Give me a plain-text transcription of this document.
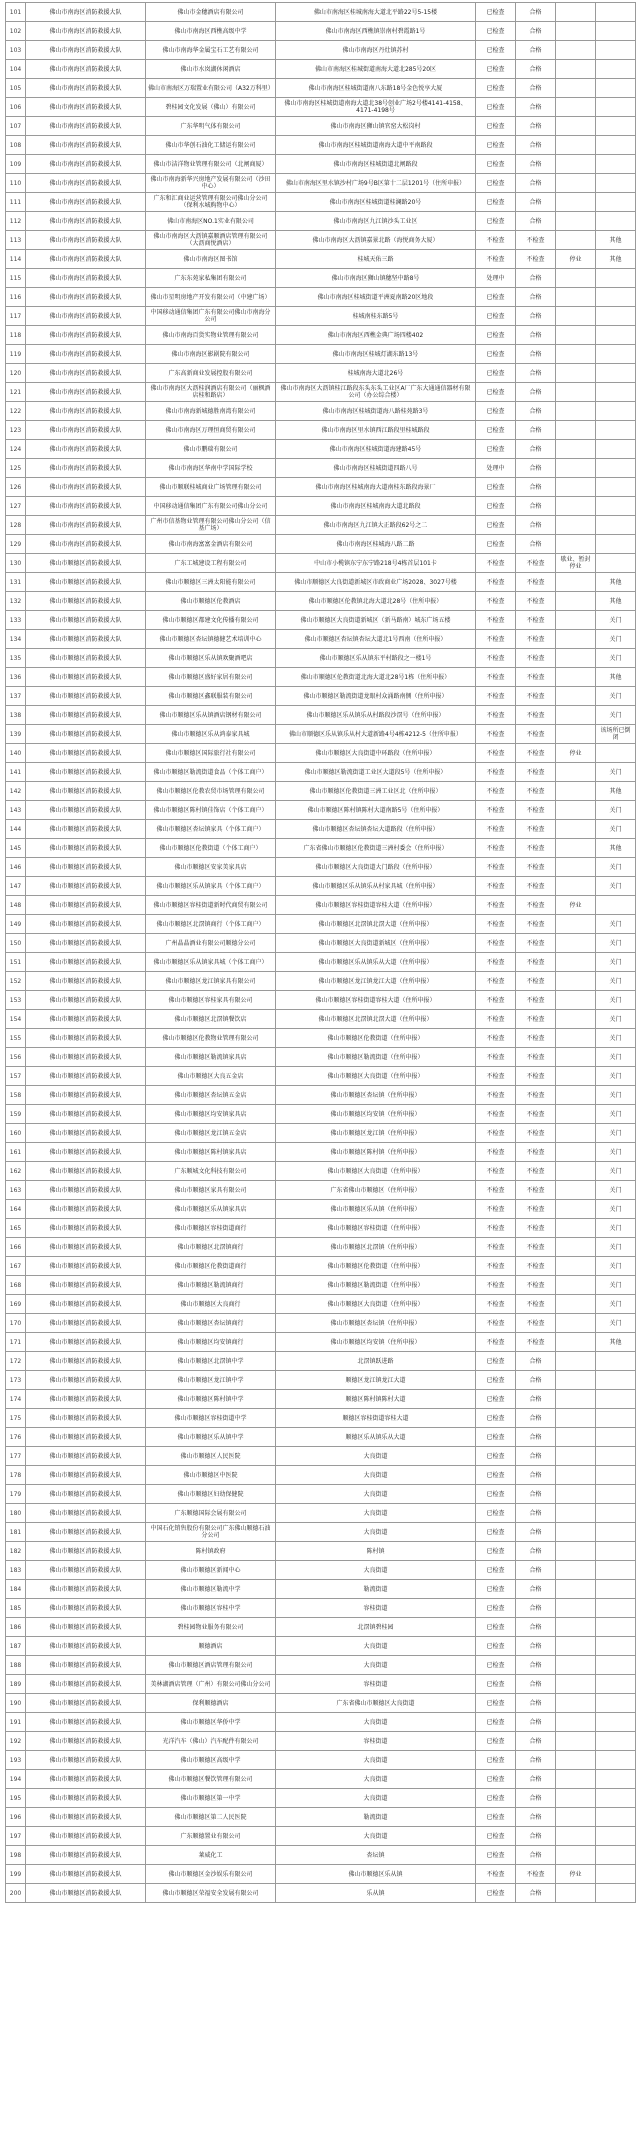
101	佛山市南海区消防救援大队	佛山市金穗酒店有限公司	佛山市南海区桂城南海大道北平路22号5-15楼	已检查	合格		
102	佛山市南海区消防救援大队	佛山市南海区西樵高级中学	佛山市南海区西樵镇崇南村碧霞路1号	已检查	合格		
103	佛山市南海区消防救援大队	佛山市南海华金属宝石工艺有限公司	佛山市南海区丹灶镇苏村	已检查	合格		
104	佛山市南海区消防救援大队	佛山市水岚湖休闲酒店	佛山市南海区桂城街道南海大道北285号20区	已检查	合格		
105	佛山市南海区消防救援大队	佛山市南海区万瑞置业有限公司（A32万科里）	佛山市南海区桂城街道南八东路18号金色悦享大厦	已检查	合格		
106	佛山市南海区消防救援大队	碧桂园文化发展（佛山）有限公司	佛山市南海区桂城街道南海大道北38号创业广场2号楼4141-4158、4171-4198号	已检查	合格		
107	佛山市南海区消防救援大队	广东华明气体有限公司	佛山市南海区狮山镇官窑大松岗村	已检查	合格		
108	佛山市南海区消防救援大队	佛山市华创石油化工储运有限公司	佛山市南海区桂城街道南海大道中平南路段	已检查	合格		
109	佛山市南海区消防救援大队	佛山市洁洋物业管理有限公司（北闸商厦）	佛山市南海区桂城街道北闸路段	已检查	合格		
110	佛山市南海区消防救援大队	佛山市南海新华兴房地产发展有限公司（沙田中心）	佛山市南海区里水镇沙村广场9号B区第十二层1201号（住所申报）	已检查	合格		
111	佛山市南海区消防救援大队	广东和汇商业运营管理有限公司佛山分公司（保利水城购物中心）	佛山市南海区桂城街道桂澜路20号	已检查	合格		
112	佛山市南海区消防救援大队	佛山市南海区NO.1实业有限公司	佛山市南海区九江镇沙头工业区	已检查	合格		
113	佛山市南海区消防救援大队	佛山市南海区大沥镇嘉顺酒店管理有限公司（大沥商悦酒店）	佛山市南海区大沥镇嘉景北路（海悦商务大厦）	不检查	不检查		其他
114	佛山市南海区消防救援大队	佛山市南海区图书馆	桂城天佑三路	不检查	不检查	停业	其他
115	佛山市南海区消防救援大队	广东东苑家私集团有限公司	佛山市南海区狮山镇穗坚中路8号	处理中	合格		
116	佛山市南海区消防救援大队	佛山市星明房地产开发有限公司（中建广场）	佛山市南海区桂城街道平洲夏南路20区地段	已检查	合格		
117	佛山市南海区消防救援大队	中国移动通信集团广东有限公司佛山市南海分公司	桂城南桂东路5号	已检查	合格		
118	佛山市南海区消防救援大队	佛山市南海百货实物业管理有限公司	佛山市南海区西樵金典广场四楼402	已检查	合格		
119	佛山市南海区消防救援大队	佛山市南海区影剧院有限公司	佛山市南海区桂城灯湖东路13号	已检查	合格		
120	佛山市南海区消防救援大队	广东高新商业发展控股有限公司	桂城南海大道北26号	已检查	合格		
121	佛山市南海区消防救援大队	佛山市南海区大沥桂润酒店有限公司（丽枫酒店桂和路店）	佛山市南海区大沥镇桂江路段东头东头工业区A厂广东大通通信器材有限公司（办公综合楼）	已检查	合格		
122	佛山市南海区消防救援大队	佛山市南海新城德胜南湾有限公司	佛山市南海区桂城街道海八路桂苑路3号	已检查	合格		
123	佛山市南海区消防救援大队	佛山市南海区万理恒商贸有限公司	佛山市南海区里水镇西江路段里桂城路段	已检查	合格		
124	佛山市南海区消防救援大队	佛山市鹏瑞有限公司	佛山市南海区桂城街道海建路45号	已检查	合格		
125	佛山市南海区消防救援大队	佛山市南海区华南中学国际学校	佛山市南海区桂城街道四路八号	处理中	合格		
126	佛山市南海区消防救援大队	佛山市顺联桂城商业广场管理有限公司	佛山市南海区桂城南海大道南桂东路段海景厂	已检查	合格		
127	佛山市南海区消防救援大队	中国移动通信集团广东有限公司佛山分公司	佛山市南海区桂城南海大道北路段	已检查	合格		
128	佛山市南海区消防救援大队	广州市信基物业管理有限公司佛山分公司（信基广场）	佛山市南海区九江镇大正路段62号之二	已检查	合格		
129	佛山市南海区消防救援大队	佛山市南海富富金酒店有限公司	佛山市南海区桂城海八路二路	已检查	合格		
130	佛山市顺德区消防救援大队	广东工城建设工程有限公司	中山市小榄镇东宁东宁路218号4栋首层101卡	不检查	不检查	歇业、暂封停业	
131	佛山市顺德区消防救援大队	佛山市顺德区三洲太阳能有限公司	佛山市顺德区大良街道新城区市政商业广场2028、3027号楼	不检查	不检查		其他
132	佛山市顺德区消防救援大队	佛山市顺德区伦教酒店	佛山市顺德区伦教镇北海大道北28号（住所申报）	不检查	不检查		其他
133	佛山市顺德区消防救援大队	佛山市顺德区都建文化传播有限公司	佛山市顺德区大良街道新城区（新马路南）城东广场五楼	不检查	不检查		关门
134	佛山市顺德区消防救援大队	佛山市顺德区杏坛镇德健艺术培训中心	佛山市顺德区杏坛镇杏坛大道北1号西南（住所申报）	不检查	不检查		关门
135	佛山市顺德区消防救援大队	佛山市顺德区乐从镇欢聚酒吧店	佛山市顺德区乐从镇东平村路段之一楼1号	不检查	不检查		关门
136	佛山市顺德区消防救援大队	佛山市顺德区盛好家居有限公司	佛山市顺德区伦教街道北海大道北28号1栋（住所申报）	不检查	不检查		其他
137	佛山市顺德区消防救援大队	佛山市顺德区鑫联服装有限公司	佛山市顺德区勒流街道龙眼村众涌路南侧（住所申报）	不检查	不检查		关门
138	佛山市顺德区消防救援大队	佛山市顺德区乐从镇酒店钢材有限公司	佛山市顺德区乐从镇乐从村路段沙滘号（住所申报）	不检查	不检查		关门
139	佛山市顺德区消防救援大队	佛山市顺德区乐从鸿泰家具城	佛山市顺德区乐从镇乐从村大道新路4号4栋4212-5（住所申报）	不检查	不检查		该场所已倒闭
140	佛山市顺德区消防救援大队	佛山市顺德区国际旅行社有限公司	佛山市顺德区大良街道中环路段（住所申报）	不检查	不检查	停业	
141	佛山市顺德区消防救援大队	佛山市顺德区勒流街道食品（个体工商户）	佛山市顺德区勒流街道工业区大道段5号（住所申报）	不检查	不检查		关门
142	佛山市顺德区消防救援大队	佛山市顺德区伦教农贸市场管理有限公司	佛山市顺德区伦教街道三洲工业区北（住所申报）	不检查	不检查		其他
143	佛山市顺德区消防救援大队	佛山市顺德区陈村镇佳饰店（个体工商户）	佛山市顺德区陈村镇陈村大道南路5号（住所申报）	不检查	不检查		关门
144	佛山市顺德区消防救援大队	佛山市顺德区杏坛镇家具（个体工商户）	佛山市顺德区杏坛镇杏坛大道路段（住所申报）	不检查	不检查		关门
145	佛山市顺德区消防救援大队	佛山市顺德区伦教街道（个体工商户）	广东省佛山市顺德区伦教街道三洲村委会（住所申报）	不检查	不检查		其他
146	佛山市顺德区消防救援大队	佛山市顺德区安家美家具店	佛山市顺德区大良街道大门路段（住所申报）	不检查	不检查		关门
147	佛山市顺德区消防救援大队	佛山市顺德区乐从镇家具（个体工商户）	佛山市顺德区乐从镇乐从村家具城（住所申报）	不检查	不检查		关门
148	佛山市顺德区消防救援大队	佛山市顺德区容桂街道新时代商贸有限公司	佛山市顺德区容桂街道容桂大道（住所申报）	不检查	不检查	停业	
149	佛山市顺德区消防救援大队	佛山市顺德区北滘镇商行（个体工商户）	佛山市顺德区北滘镇北滘大道（住所申报）	不检查	不检查		关门
150	佛山市顺德区消防救援大队	广州晶晶酒业有限公司顺德分公司	佛山市顺德区大良街道新城区（住所申报）	不检查	不检查		关门
151	佛山市顺德区消防救援大队	佛山市顺德区乐从镇家具城（个体工商户）	佛山市顺德区乐从镇乐从大道（住所申报）	不检查	不检查		关门
152	佛山市顺德区消防救援大队	佛山市顺德区龙江镇家具有限公司	佛山市顺德区龙江镇龙江大道（住所申报）	不检查	不检查		关门
153	佛山市顺德区消防救援大队	佛山市顺德区容桂家具有限公司	佛山市顺德区容桂街道容桂大道（住所申报）	不检查	不检查		关门
154	佛山市顺德区消防救援大队	佛山市顺德区北滘镇餐饮店	佛山市顺德区北滘镇北滘大道（住所申报）	不检查	不检查		关门
155	佛山市顺德区消防救援大队	佛山市顺德区伦教物业管理有限公司	佛山市顺德区伦教街道（住所申报）	不检查	不检查		关门
156	佛山市顺德区消防救援大队	佛山市顺德区勒流镇家具店	佛山市顺德区勒流街道（住所申报）	不检查	不检查		关门
157	佛山市顺德区消防救援大队	佛山市顺德区大良五金店	佛山市顺德区大良街道（住所申报）	不检查	不检查		关门
158	佛山市顺德区消防救援大队	佛山市顺德区杏坛镇五金店	佛山市顺德区杏坛镇（住所申报）	不检查	不检查		关门
159	佛山市顺德区消防救援大队	佛山市顺德区均安镇家具店	佛山市顺德区均安镇（住所申报）	不检查	不检查		关门
160	佛山市顺德区消防救援大队	佛山市顺德区龙江镇五金店	佛山市顺德区龙江镇（住所申报）	不检查	不检查		关门
161	佛山市顺德区消防救援大队	佛山市顺德区陈村镇家具店	佛山市顺德区陈村镇（住所申报）	不检查	不检查		关门
162	佛山市顺德区消防救援大队	广东顺城文化科技有限公司	佛山市顺德区大良街道（住所申报）	不检查	不检查		关门
163	佛山市顺德区消防救援大队	佛山市顺德区家具有限公司	广东省佛山市顺德区（住所申报）	不检查	不检查		关门
164	佛山市顺德区消防救援大队	佛山市顺德区乐从镇家具店	佛山市顺德区乐从镇（住所申报）	不检查	不检查		关门
165	佛山市顺德区消防救援大队	佛山市顺德区容桂街道商行	佛山市顺德区容桂街道（住所申报）	不检查	不检查		关门
166	佛山市顺德区消防救援大队	佛山市顺德区北滘镇商行	佛山市顺德区北滘镇（住所申报）	不检查	不检查		关门
167	佛山市顺德区消防救援大队	佛山市顺德区伦教街道商行	佛山市顺德区伦教街道（住所申报）	不检查	不检查		关门
168	佛山市顺德区消防救援大队	佛山市顺德区勒流镇商行	佛山市顺德区勒流街道（住所申报）	不检查	不检查		关门
169	佛山市顺德区消防救援大队	佛山市顺德区大良商行	佛山市顺德区大良街道（住所申报）	不检查	不检查		关门
170	佛山市顺德区消防救援大队	佛山市顺德区杏坛镇商行	佛山市顺德区杏坛镇（住所申报）	不检查	不检查		关门
171	佛山市顺德区消防救援大队	佛山市顺德区均安镇商行	佛山市顺德区均安镇（住所申报）	不检查	不检查		其他
172	佛山市顺德区消防救援大队	佛山市顺德区北滘镇中学	北滘镇跃进路	已检查	合格		
173	佛山市顺德区消防救援大队	佛山市顺德区龙江镇中学	顺德区龙江镇龙江大道	已检查	合格		
174	佛山市顺德区消防救援大队	佛山市顺德区陈村镇中学	顺德区陈村镇陈村大道	已检查	合格		
175	佛山市顺德区消防救援大队	佛山市顺德区容桂街道中学	顺德区容桂街道容桂大道	已检查	合格		
176	佛山市顺德区消防救援大队	佛山市顺德区乐从镇中学	顺德区乐从镇乐从大道	已检查	合格		
177	佛山市顺德区消防救援大队	佛山市顺德区人民医院	大良街道	已检查	合格		
178	佛山市顺德区消防救援大队	佛山市顺德区中医院	大良街道	已检查	合格		
179	佛山市顺德区消防救援大队	佛山市顺德区妇幼保健院	大良街道	已检查	合格		
180	佛山市顺德区消防救援大队	广东顺德国际会展有限公司	大良街道	已检查	合格		
181	佛山市顺德区消防救援大队	中国石化销售股份有限公司广东佛山顺德石油分公司	大良街道	已检查	合格		
182	佛山市顺德区消防救援大队	陈村镇政府	陈村镇	已检查	合格		
183	佛山市顺德区消防救援大队	佛山市顺德区新闻中心	大良街道	已检查	合格		
184	佛山市顺德区消防救援大队	佛山市顺德区勒流中学	勒流街道	已检查	合格		
185	佛山市顺德区消防救援大队	佛山市顺德区容桂中学	容桂街道	已检查	合格		
186	佛山市顺德区消防救援大队	碧桂园物业服务有限公司	北滘镇碧桂园	已检查	合格		
187	佛山市顺德区消防救援大队	顺德酒店	大良街道	已检查	合格		
188	佛山市顺德区消防救援大队	佛山市顺德区酒店管理有限公司	大良街道	已检查	合格		
189	佛山市顺德区消防救援大队	美林湖酒店管理（广州）有限公司佛山分公司	容桂街道	已检查	合格		
190	佛山市顺德区消防救援大队	保利顺德酒店	广东省佛山市顺德区大良街道	已检查	合格		
191	佛山市顺德区消防救援大队	佛山市顺德区华侨中学	大良街道	已检查	合格		
192	佛山市顺德区消防救援大队	光洋汽车（佛山）汽车配件有限公司	容桂街道	已检查	合格		
193	佛山市顺德区消防救援大队	佛山市顺德区高级中学	大良街道	已检查	合格		
194	佛山市顺德区消防救援大队	佛山市顺德区餐饮管理有限公司	大良街道	已检查	合格		
195	佛山市顺德区消防救援大队	佛山市顺德区第一中学	大良街道	已检查	合格		
196	佛山市顺德区消防救援大队	佛山市顺德区第二人民医院	勒流街道	已检查	合格		
197	佛山市顺德区消防救援大队	广东顺德置业有限公司	大良街道	已检查	合格		
198	佛山市顺德区消防救援大队	莱威化工	杏坛镇	已检查	合格		
199	佛山市顺德区消防救援大队	佛山市顺德区金沙娱乐有限公司	佛山市顺德区乐从镇	不检查	不检查	停业	
200	佛山市顺德区消防救援大队	佛山市顺德区荣福安全发展有限公司	乐从镇	已检查	合格		
